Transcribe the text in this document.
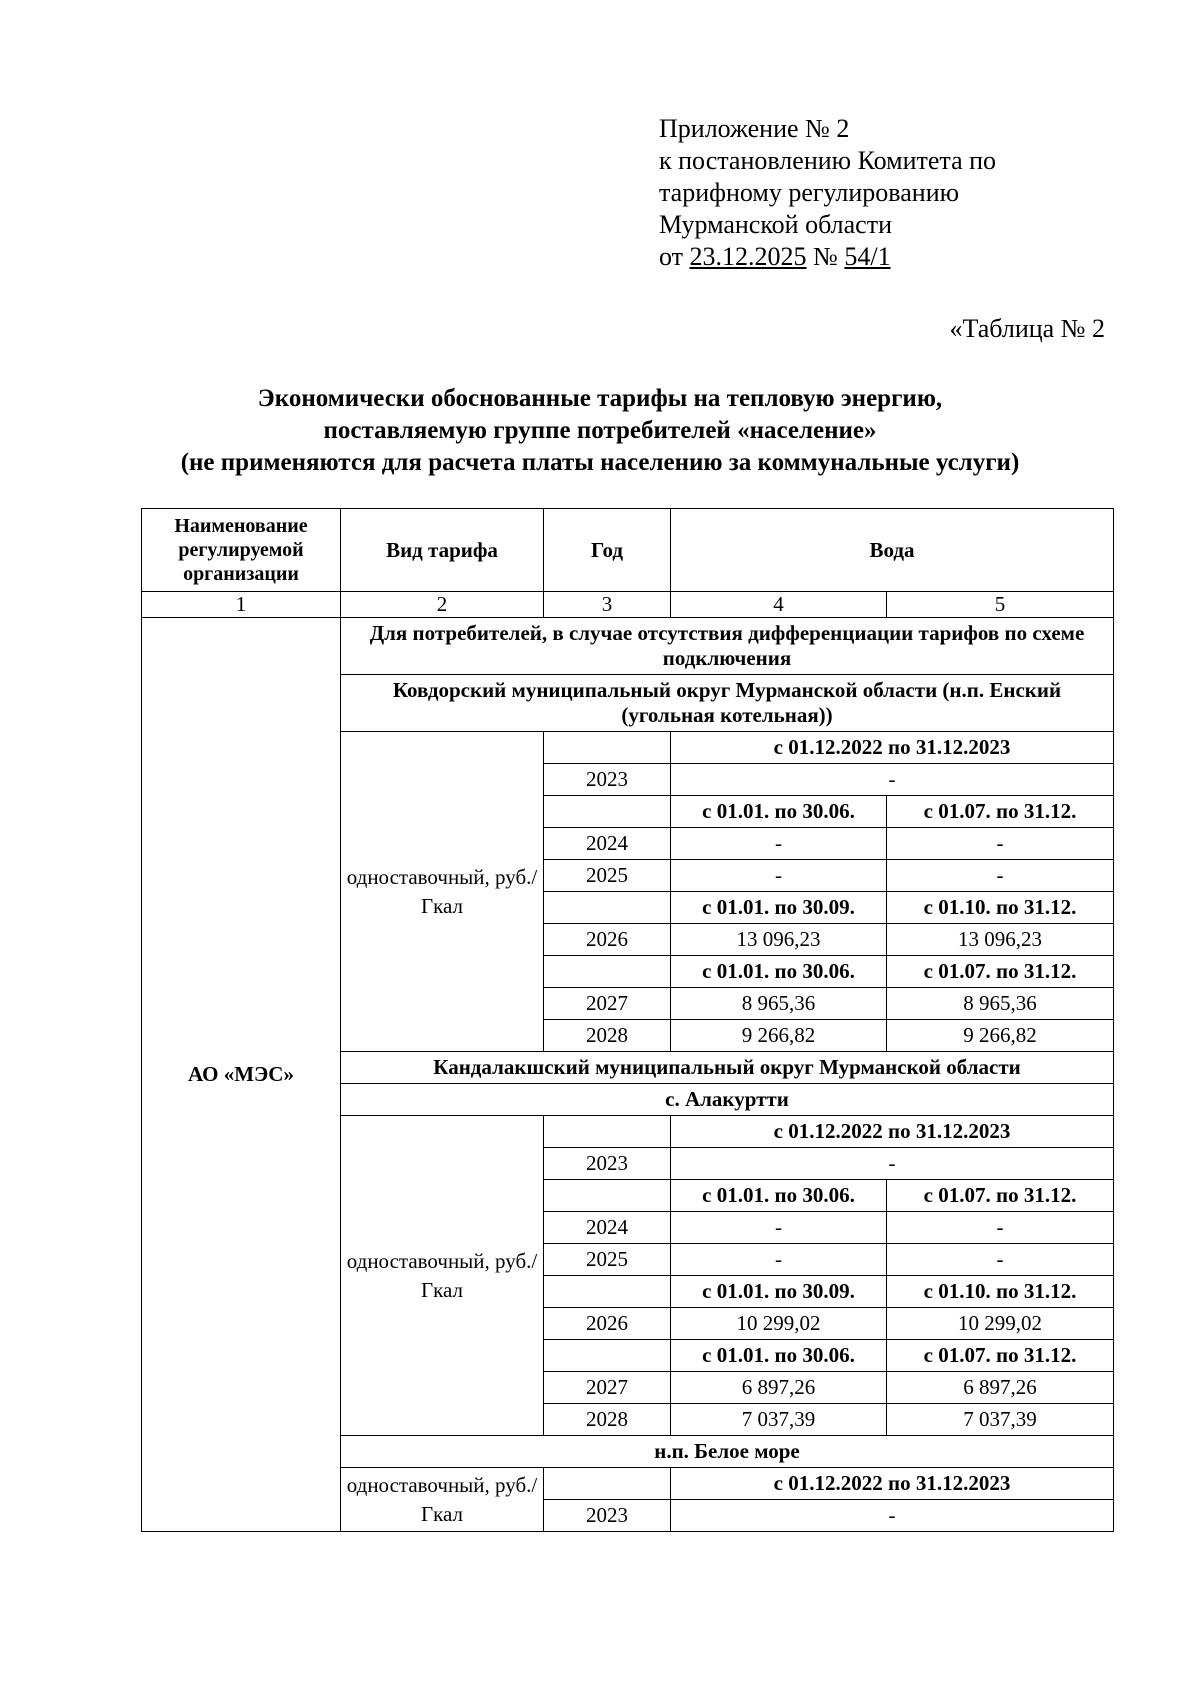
Приложение № 2
к постановлению Комитета по
тарифному регулированию
Мурманской области
от 23.12.2025 № 54/1
«Таблица № 2
Экономически обоснованные тарифы на тепловую энергию,
поставляемую группе потребителей «население»
(не применяются для расчета платы населению за коммунальные услуги)
Наименование регулируемой организации	Вид тарифа	Год	Вода	
1	2	3	4	5
АО «МЭС»	Для потребителей, в случае отсутствия дифференциации тарифов по схеме подключения			
	Ковдорский муниципальный округ Мурманской области (н.п. Енский (угольная котельная))			
	одноставочный, руб./Гкал		с 01.12.2022 по 31.12.2023	
		2023	-	
			с 01.01. по 30.06.	с 01.07. по 31.12.
		2024	-	-
		2025	-	-
			с 01.01. по 30.09.	с 01.10. по 31.12.
		2026	13 096,23	13 096,23
			с 01.01. по 30.06.	с 01.07. по 31.12.
		2027	8 965,36	8 965,36
		2028	9 266,82	9 266,82
	Кандалакшский муниципальный округ Мурманской области			
	с. Алакуртти			
	одноставочный, руб./Гкал		с 01.12.2022 по 31.12.2023	
		2023	-	
			с 01.01. по 30.06.	с 01.07. по 31.12.
		2024	-	-
		2025	-	-
			с 01.01. по 30.09.	с 01.10. по 31.12.
		2026	10 299,02	10 299,02
			с 01.01. по 30.06.	с 01.07. по 31.12.
		2027	6 897,26	6 897,26
		2028	7 037,39	7 037,39
	н.п. Белое море			
	одноставочный, руб./Гкал		с 01.12.2022 по 31.12.2023	
		2023	-	
